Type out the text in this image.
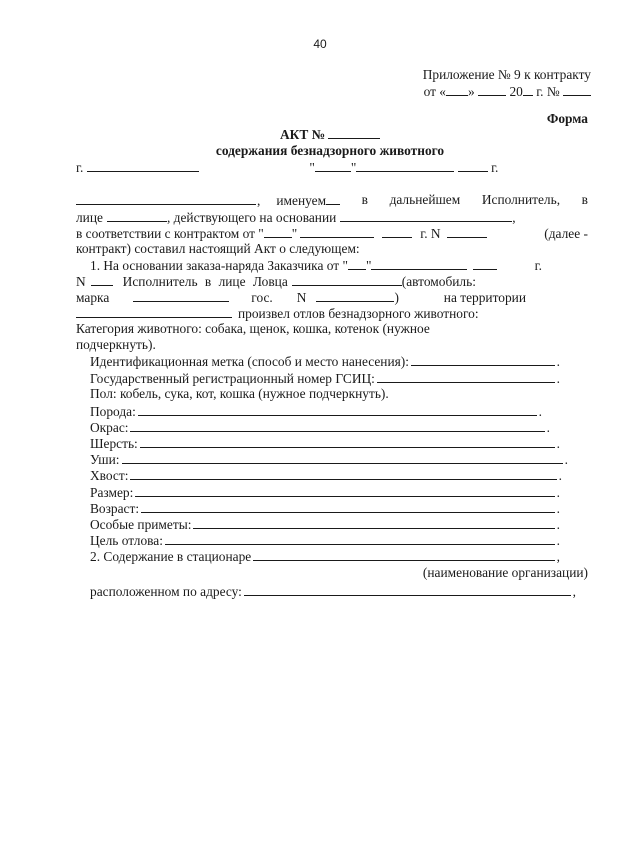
40
Приложение № 9 к контракту
от « »	20 г. №
Форма
АКТ №
содержания безнадзорного животного
г.	"	"	г.
, именуем	в дальнейшем Исполнитель, в
лице	, действующего на основании	,
в соответствии с контрактом от " "	г. N	(далее -
контракт) составил настоящий Акт о следующем:
1. На основании заказа-наряда Заказчика от " "	г.
N	Исполнитель в лице Ловца	(автомобиль:
марка	гос. N	)	на территории
произвел отлов безнадзорного животного:
Категория животного: собака, щенок, кошка, котенок (нужное
подчеркнуть).
Идентификационная метка (способ и место нанесения):	.
Государственный регистрационный номер ГСИЦ:	.
Пол: кобель, сука, кот, кошка (нужное подчеркнуть).
Порода:	.
Окрас:	.
Шерсть:	.
Уши:	.
Хвост:	.
Размер:	.
Возраст:	.
Особые приметы:	.
Цель отлова:	.
2. Содержание в стационаре	,
(наименование организации)
расположенном по адресу:	,
